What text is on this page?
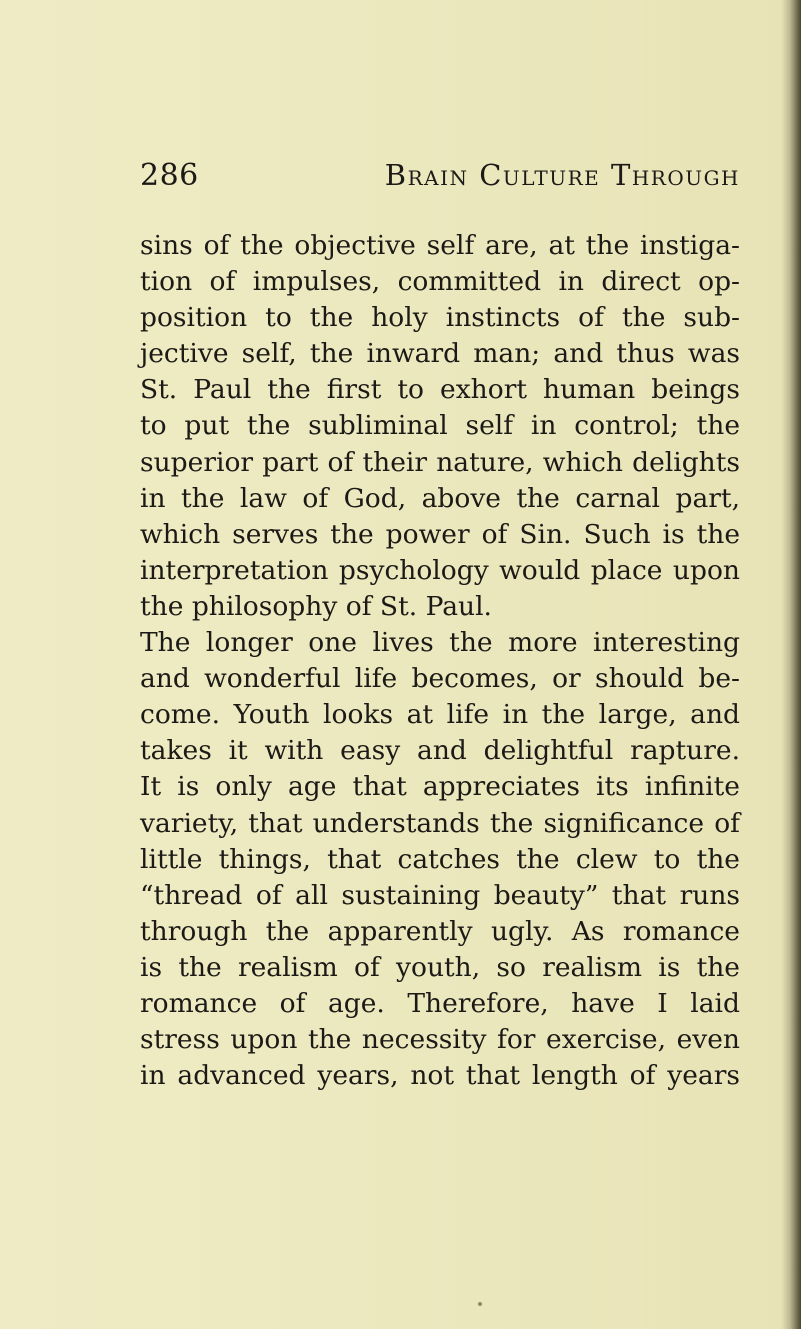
286	Brain Culture Through
sins of the objective self are, at the instiga-
tion of impulses, committed in direct op-
position to the holy instincts of the sub-
jective self, the inward man; and thus was
St. Paul the first to exhort human beings
to put the subliminal self in control; the
superior part of their nature, which delights
in the law of God, above the carnal part,
which serves the power of Sin. Such is the
interpretation psychology would place upon
the philosophy of St. Paul.
The longer one lives the more interesting
and wonderful life becomes, or should be-
come. Youth looks at life in the large, and
takes it with easy and delightful rapture.
It is only age that appreciates its infinite
variety, that understands the significance of
little things, that catches the clew to the
“thread of all sustaining beauty” that runs
through the apparently ugly. As romance
is the realism of youth, so realism is the
romance of age. Therefore, have I laid
stress upon the necessity for exercise, even
in advanced years, not that length of years
